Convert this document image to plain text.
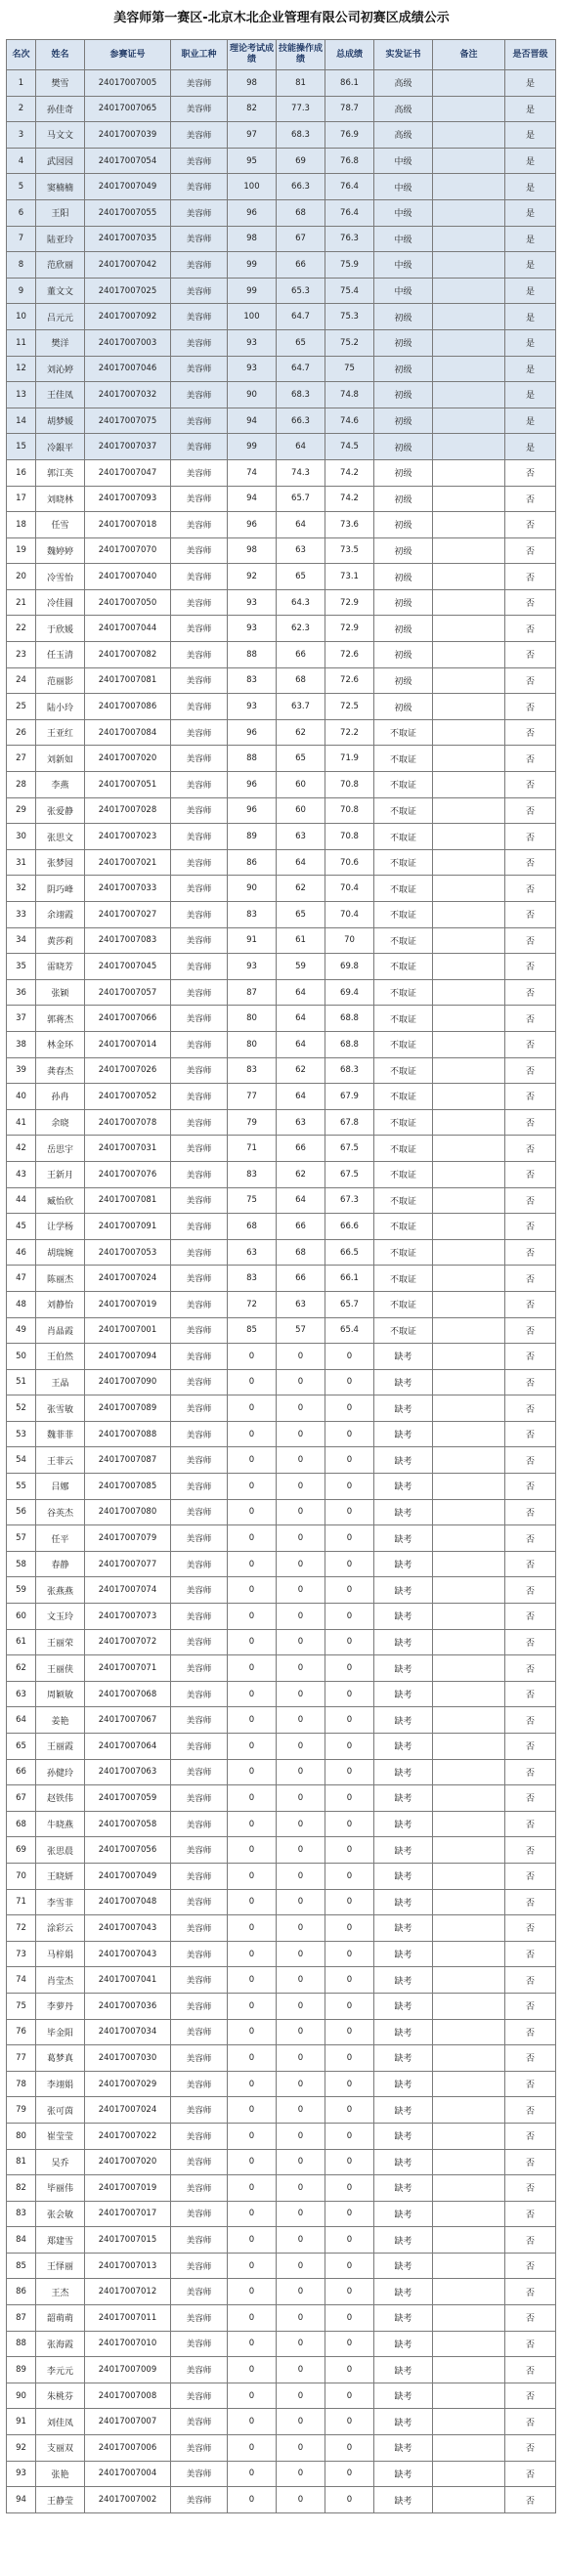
美容师第一赛区-北京木北企业管理有限公司初赛区成绩公示
名次	姓名	参赛证号	职业工种	理论考试成绩	技能操作成绩	总成绩	实发证书	备注	是否晋级
1	樊雪	24017007005	美容师	98	81	86.1	高级		是
2	孙佳奇	24017007065	美容师	82	77.3	78.7	高级		是
3	马文文	24017007039	美容师	97	68.3	76.9	高级		是
4	武园园	24017007054	美容师	95	69	76.8	中级		是
5	窦楠楠	24017007049	美容师	100	66.3	76.4	中级		是
6	王阳	24017007055	美容师	96	68	76.4	中级		是
7	陆亚玲	24017007035	美容师	98	67	76.3	中级		是
8	范欣丽	24017007042	美容师	99	66	75.9	中级		是
9	董文文	24017007025	美容师	99	65.3	75.4	中级		是
10	吕元元	24017007092	美容师	100	64.7	75.3	初级		是
11	樊洋	24017007003	美容师	93	65	75.2	初级		是
12	刘沁婷	24017007046	美容师	93	64.7	75	初级		是
13	王佳凤	24017007032	美容师	90	68.3	74.8	初级		是
14	胡梦媛	24017007075	美容师	94	66.3	74.6	初级		是
15	冷銀平	24017007037	美容师	99	64	74.5	初级		是
16	郭江英	24017007047	美容师	74	74.3	74.2	初级		否
17	刘晓林	24017007093	美容师	94	65.7	74.2	初级		否
18	任雪	24017007018	美容师	96	64	73.6	初级		否
19	魏婷婷	24017007070	美容师	98	63	73.5	初级		否
20	冷雪怡	24017007040	美容师	92	65	73.1	初级		否
21	冷佳圆	24017007050	美容师	93	64.3	72.9	初级		否
22	于欣媛	24017007044	美容师	93	62.3	72.9	初级		否
23	任玉清	24017007082	美容师	88	66	72.6	初级		否
24	范丽影	24017007081	美容师	83	68	72.6	初级		否
25	陆小玲	24017007086	美容师	93	63.7	72.5	初级		否
26	王亚红	24017007084	美容师	96	62	72.2	不取证		否
27	刘新如	24017007020	美容师	88	65	71.9	不取证		否
28	李燕	24017007051	美容师	96	60	70.8	不取证		否
29	张爱静	24017007028	美容师	96	60	70.8	不取证		否
30	张思文	24017007023	美容师	89	63	70.8	不取证		否
31	张梦园	24017007021	美容师	86	64	70.6	不取证		否
32	阴巧峰	24017007033	美容师	90	62	70.4	不取证		否
33	余翊霞	24017007027	美容师	83	65	70.4	不取证		否
34	黄莎莉	24017007083	美容师	91	61	70	不取证		否
35	雷晓芳	24017007045	美容师	93	59	69.8	不取证		否
36	张颖	24017007057	美容师	87	64	69.4	不取证		否
37	郭蒋杰	24017007066	美容师	80	64	68.8	不取证		否
38	林金环	24017007014	美容师	80	64	68.8	不取证		否
39	龚春杰	24017007026	美容师	83	62	68.3	不取证		否
40	孙冉	24017007052	美容师	77	64	67.9	不取证		否
41	余晓	24017007078	美容师	79	63	67.8	不取证		否
42	岳思宇	24017007031	美容师	71	66	67.5	不取证		否
43	王新月	24017007076	美容师	83	62	67.5	不取证		否
44	臧怡欣	24017007081	美容师	75	64	67.3	不取证		否
45	让学杨	24017007091	美容师	68	66	66.6	不取证		否
46	胡瑞婉	24017007053	美容师	63	68	66.5	不取证		否
47	陈丽杰	24017007024	美容师	83	66	66.1	不取证		否
48	刘静怡	24017007019	美容师	72	63	65.7	不取证		否
49	肖晶霞	24017007001	美容师	85	57	65.4	不取证		否
50	王伯然	24017007094	美容师	0	0	0	缺考		否
51	王晶	24017007090	美容师	0	0	0	缺考		否
52	张雪敏	24017007089	美容师	0	0	0	缺考		否
53	魏菲菲	24017007088	美容师	0	0	0	缺考		否
54	王菲云	24017007087	美容师	0	0	0	缺考		否
55	吕娜	24017007085	美容师	0	0	0	缺考		否
56	谷英杰	24017007080	美容师	0	0	0	缺考		否
57	任平	24017007079	美容师	0	0	0	缺考		否
58	春静	24017007077	美容师	0	0	0	缺考		否
59	张燕燕	24017007074	美容师	0	0	0	缺考		否
60	文玉玲	24017007073	美容师	0	0	0	缺考		否
61	王丽荣	24017007072	美容师	0	0	0	缺考		否
62	王丽侠	24017007071	美容师	0	0	0	缺考		否
63	周颖敏	24017007068	美容师	0	0	0	缺考		否
64	姜艳	24017007067	美容师	0	0	0	缺考		否
65	王丽霞	24017007064	美容师	0	0	0	缺考		否
66	孙健玲	24017007063	美容师	0	0	0	缺考		否
67	赵铁伟	24017007059	美容师	0	0	0	缺考		否
68	牛晓燕	24017007058	美容师	0	0	0	缺考		否
69	张思晨	24017007056	美容师	0	0	0	缺考		否
70	王晓妍	24017007049	美容师	0	0	0	缺考		否
71	李雪菲	24017007048	美容师	0	0	0	缺考		否
72	涂彩云	24017007043	美容师	0	0	0	缺考		否
73	马梓娟	24017007043	美容师	0	0	0	缺考		否
74	肖莹杰	24017007041	美容师	0	0	0	缺考		否
75	李萝丹	24017007036	美容师	0	0	0	缺考		否
76	毕金阳	24017007034	美容师	0	0	0	缺考		否
77	葛梦真	24017007030	美容师	0	0	0	缺考		否
78	李翊娟	24017007029	美容师	0	0	0	缺考		否
79	张可茵	24017007024	美容师	0	0	0	缺考		否
80	崔莹莹	24017007022	美容师	0	0	0	缺考		否
81	吴乔	24017007020	美容师	0	0	0	缺考		否
82	毕丽伟	24017007019	美容师	0	0	0	缺考		否
83	张会敏	24017007017	美容师	0	0	0	缺考		否
84	郑建雪	24017007015	美容师	0	0	0	缺考		否
85	王怿丽	24017007013	美容师	0	0	0	缺考		否
86	王杰	24017007012	美容师	0	0	0	缺考		否
87	韶萌萌	24017007011	美容师	0	0	0	缺考		否
88	张海霞	24017007010	美容师	0	0	0	缺考		否
89	李元元	24017007009	美容师	0	0	0	缺考		否
90	朱桃芬	24017007008	美容师	0	0	0	缺考		否
91	刘佳凤	24017007007	美容师	0	0	0	缺考		否
92	支丽双	24017007006	美容师	0	0	0	缺考		否
93	张艳	24017007004	美容师	0	0	0	缺考		否
94	王静莹	24017007002	美容师	0	0	0	缺考		否
